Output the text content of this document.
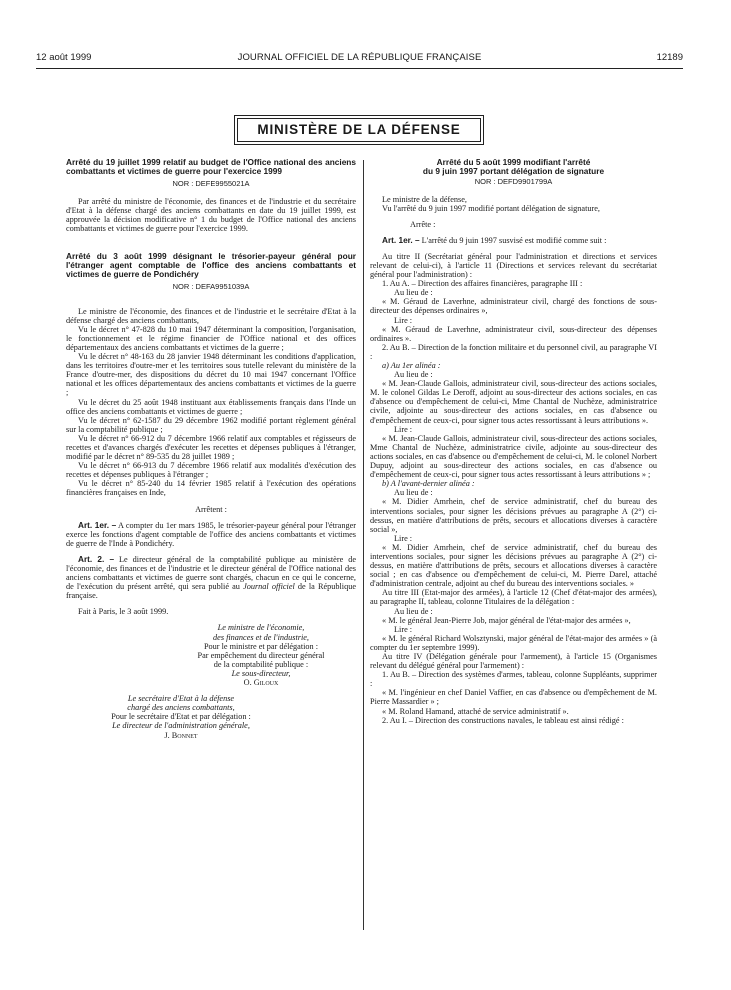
12 août 1999	JOURNAL OFFICIEL DE LA RÉPUBLIQUE FRANÇAISE	12189
MINISTÈRE DE LA DÉFENSE

Arrêté du 19 juillet 1999 relatif au budget de l'Office national des anciens combattants et victimes de guerre pour l'exercice 1999

NOR : DEFE9955021A

Par arrêté du ministre de l'économie, des finances et de l'industrie et du secrétaire d'Etat à la défense chargé des anciens combattants en date du 19 juillet 1999, est approuvée la décision modificative n° 1 du budget de l'Office national des anciens combattants et victimes de guerre pour l'exercice 1999.

Arrêté du 3 août 1999 désignant le trésorier-payeur général pour l'étranger agent comptable de l'office des anciens combattants et victimes de guerre de Pondichéry

NOR : DEFA9951039A

Le ministre de l'économie, des finances et de l'industrie et le secrétaire d'Etat à la défense chargé des anciens combattants,

Vu le décret n° 47-828 du 10 mai 1947 déterminant la composition, l'organisation, le fonctionnement et le régime financier de l'Office national et des offices départementaux des anciens combattants et victimes de la guerre ;

Vu le décret n° 48-163 du 28 janvier 1948 déterminant les conditions d'application, dans les territoires d'outre-mer et les territoires sous tutelle relevant du ministère de la France d'outre-mer, des dispositions du décret du 10 mai 1947 concernant l'Office national et les offices départementaux des anciens combattants et victimes de la guerre ;

Vu le décret du 25 août 1948 instituant aux établissements français dans l'Inde un office des anciens combattants et victimes de guerre ;

Vu le décret n° 62-1587 du 29 décembre 1962 modifié portant règlement général sur la comptabilité publique ;

Vu le décret n° 66-912 du 7 décembre 1966 relatif aux comptables et régisseurs de recettes et d'avances chargés d'exécuter les recettes et dépenses publiques à l'étranger, modifié par le décret n° 89-535 du 28 juillet 1989 ;

Vu le décret n° 66-913 du 7 décembre 1966 relatif aux modalités d'exécution des recettes et dépenses publiques à l'étranger ;

Vu le décret n° 85-240 du 14 février 1985 relatif à l'exécution des opérations financières françaises en Inde,

Arrêtent :

Art. 1er. – A compter du 1er mars 1985, le trésorier-payeur général pour l'étranger exerce les fonctions d'agent comptable de l'office des anciens combattants et victimes de guerre de l'Inde à Pondichéry.

Art. 2. – Le directeur général de la comptabilité publique au ministère de l'économie, des finances et de l'industrie et le directeur général de l'Office national des anciens combattants et victimes de guerre sont chargés, chacun en ce qui le concerne, de l'exécution du présent arrêté, qui sera publié au Journal officiel de la République française.

Fait à Paris, le 3 août 1999.

Le ministre de l'économie,

des finances et de l'industrie,

Pour le ministre et par délégation :

Par empêchement du directeur général

de la comptabilité publique :

Le sous-directeur,

O. Giloux

Le secrétaire d'Etat à la défense

chargé des anciens combattants,

Pour le secrétaire d'Etat et par délégation :

Le directeur de l'administration générale,

J. Bonnet

Arrêté du 5 août 1999 modifiant l'arrêté

du 9 juin 1997 portant délégation de signature

NOR : DEFD9901799A

Le ministre de la défense,

Vu l'arrêté du 9 juin 1997 modifié portant délégation de signature,

Arrête :

Art. 1er. – L'arrêté du 9 juin 1997 susvisé est modifié comme suit :

Au titre II (Secrétariat général pour l'administration et directions et services relevant de celui-ci), à l'article 11 (Directions et services relevant du secrétariat général pour l'administration) :

1. Au A. – Direction des affaires financières, paragraphe III :

Au lieu de :

« M. Géraud de Laverhne, administrateur civil, chargé des fonctions de sous-directeur des dépenses ordinaires »,

Lire :

« M. Géraud de Laverhne, administrateur civil, sous-directeur des dépenses ordinaires ».

2. Au B. – Direction de la fonction militaire et du personnel civil, au paragraphe VI :

a) Au 1er alinéa :

Au lieu de :

« M. Jean-Claude Gallois, administrateur civil, sous-directeur des actions sociales, M. le colonel Gildas Le Deroff, adjoint au sous-directeur des actions sociales, en cas d'absence ou d'empêchement de celui-ci, Mme Chantal de Nuchèze, administratrice civile, adjointe au sous-directeur des actions sociales, en cas d'absence ou d'empêchement de ceux-ci, pour signer tous actes ressortissant à leurs attributions ».

Lire :

« M. Jean-Claude Gallois, administrateur civil, sous-directeur des actions sociales, Mme Chantal de Nuchèze, administratrice civile, adjointe au sous-directeur des actions sociales, en cas d'absence ou d'empêchement de celui-ci, M. le colonel Norbert Dupuy, adjoint au sous-directeur des actions sociales, en cas d'absence ou d'empêchement de ceux-ci, pour signer tous actes ressortissant à leurs attributions » ;

b) A l'avant-dernier alinéa :

Au lieu de :

« M. Didier Amrhein, chef de service administratif, chef du bureau des interventions sociales, pour signer les décisions prévues au paragraphe A (2°) ci-dessus, en matière d'attributions de prêts, secours et allocations diverses à caractère social »,

Lire :

« M. Didier Amrhein, chef de service administratif, chef du bureau des interventions sociales, pour signer les décisions prévues au paragraphe A (2°) ci-dessus, en matière d'attributions de prêts, secours et allocations diverses à caractère social ; en cas d'absence ou d'empêchement de celui-ci, M. Pierre Darel, attaché d'administration centrale, adjoint au chef du bureau des interventions sociales. »

Au titre III (Etat-major des armées), à l'article 12 (Chef d'état-major des armées), au paragraphe II, tableau, colonne Titulaires de la délégation :

Au lieu de :

« M. le général Jean-Pierre Job, major général de l'état-major des armées »,

Lire :

« M. le général Richard Wolsztynski, major général de l'état-major des armées » (à compter du 1er septembre 1999).

Au titre IV (Délégation générale pour l'armement), à l'article 15 (Organismes relevant du délégué général pour l'armement) :

1. Au B. – Direction des systèmes d'armes, tableau, colonne Suppléants, supprimer :

« M. l'ingénieur en chef Daniel Vaffier, en cas d'absence ou d'empêchement de M. Pierre Massardier » ;

« M. Roland Hamand, attaché de service administratif ».

2. Au I. – Direction des constructions navales, le tableau est ainsi rédigé :
